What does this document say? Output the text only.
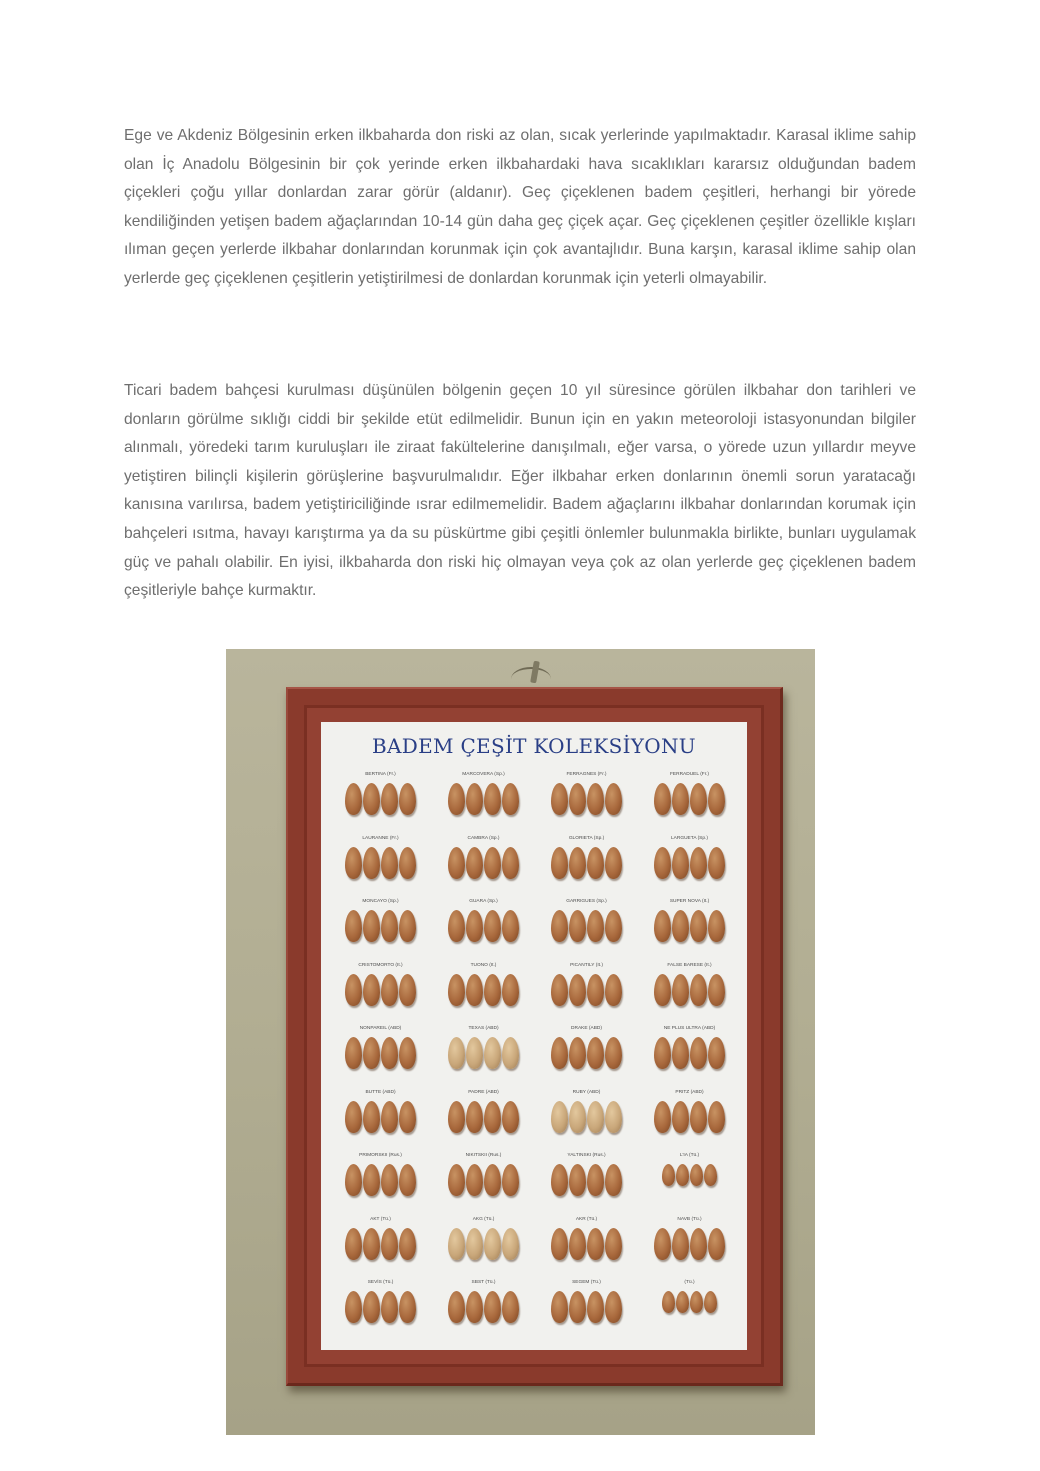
Ege ve Akdeniz Bölgesinin erken ilkbaharda don riski az olan, sıcak yerlerinde yapılmaktadır. Karasal iklime sahip olan İç Anadolu Bölgesinin bir çok yerinde erken ilkbahardaki hava sıcaklıkları kararsız olduğundan badem çiçekleri çoğu yıllar donlardan zarar görür (aldanır). Geç çiçeklenen badem çeşitleri, herhangi bir yörede kendiliğinden yetişen badem ağaçlarından 10-14 gün daha geç çiçek açar. Geç çiçeklenen çeşitler özellikle kışları ılıman geçen yerlerde ilkbahar donlarından korunmak için çok avantajlıdır. Buna karşın, karasal iklime sahip olan yerlerde geç çiçeklenen çeşitlerin yetiştirilmesi de donlardan korunmak için yeterli olmayabilir.

Ticari badem bahçesi kurulması düşünülen bölgenin geçen 10 yıl süresince görülen ilkbahar don tarihleri ve donların görülme sıklığı ciddi bir şekilde etüt edilmelidir. Bunun için en yakın meteoroloji istasyonundan bilgiler alınmalı, yöredeki tarım kuruluşları ile ziraat fakültelerine danışılmalı, eğer varsa, o yörede uzun yıllardır meyve yetiştiren bilinçli kişilerin görüşlerine başvurulmalıdır. Eğer ilkbahar erken donlarının önemli sorun yaratacağı kanısına varılırsa, badem yetiştiriciliğinde ısrar edilmemelidir. Badem ağaçlarını ilkbahar donlarından korumak için bahçeleri ısıtma, havayı karıştırma ya da su püskürtme gibi çeşitli önlemler bulunmakla birlikte, bunları uygulamak güç ve pahalı olabilir. En iyisi, ilkbaharda don riski hiç olmayan veya çok az olan yerlerde geç çiçeklenen badem çeşitleriyle bahçe kurmaktır.

BADEM ÇEŞİT KOLEKSİYONU
BERTINA (Fr.)	MARCOVERA (Sp.)	FERRAGNES (Fr.)	FERRADUEL (Fr.)
LAURANNE (Fr.)	CAMBRA (Sp.)	GLORIETA (Sp.)	LARGUETA (Sp.)
MONCAYO (Sp.)	GUARA (Sp.)	GARRIGUES (Sp.)	SUPER NOVA (It.)
CRISTOMORTO (It.)	TUONO (It.)	PICANTILY (It.)	FALSE BARESE (It.)
NONPAREIL (ABD)	TEXAS (ABD)	DRAKE (ABD)	NE PLUS ULTRA (ABD)
BUTTE (ABD)	PADRE (ABD)	RUBY (ABD)	PRITZ (ABD)
PRIMORSKII (Rus.)	NIKITSKII (Rus.)	YALTINSKI (Rus.)	L'IA (Tü.)
AKT (Tü.)	AKG (Tü.)	AKR (Tü.)	NAVB (Tü.)
SEVİS (Tü.)	SBST (Tü.)	SEGEM (Tü.)	(Tü.)
